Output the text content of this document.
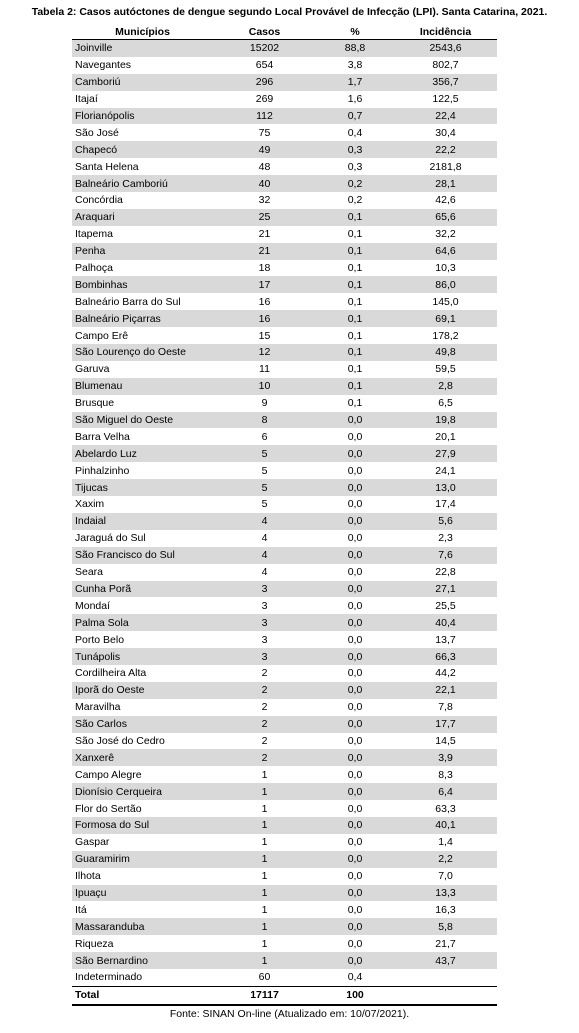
Tabela 2: Casos autóctones de dengue segundo Local Provável de Infecção (LPI). Santa Catarina, 2021.
Municípios	Casos	%	Incidência
Joinville	15202	88,8	2543,6
Navegantes	654	3,8	802,7
Camboriú	296	1,7	356,7
Itajaí	269	1,6	122,5
Florianópolis	112	0,7	22,4
São José	75	0,4	30,4
Chapecó	49	0,3	22,2
Santa Helena	48	0,3	2181,8
Balneário Camboriú	40	0,2	28,1
Concórdia	32	0,2	42,6
Araquari	25	0,1	65,6
Itapema	21	0,1	32,2
Penha	21	0,1	64,6
Palhoça	18	0,1	10,3
Bombinhas	17	0,1	86,0
Balneário Barra do Sul	16	0,1	145,0
Balneário Piçarras	16	0,1	69,1
Campo Erê	15	0,1	178,2
São Lourenço do Oeste	12	0,1	49,8
Garuva	11	0,1	59,5
Blumenau	10	0,1	2,8
Brusque	9	0,1	6,5
São Miguel do Oeste	8	0,0	19,8
Barra Velha	6	0,0	20,1
Abelardo Luz	5	0,0	27,9
Pinhalzinho	5	0,0	24,1
Tijucas	5	0,0	13,0
Xaxim	5	0,0	17,4
Indaial	4	0,0	5,6
Jaraguá do Sul	4	0,0	2,3
São Francisco do Sul	4	0,0	7,6
Seara	4	0,0	22,8
Cunha Porã	3	0,0	27,1
Mondaí	3	0,0	25,5
Palma Sola	3	0,0	40,4
Porto Belo	3	0,0	13,7
Tunápolis	3	0,0	66,3
Cordilheira Alta	2	0,0	44,2
Iporã do Oeste	2	0,0	22,1
Maravilha	2	0,0	7,8
São Carlos	2	0,0	17,7
São José do Cedro	2	0,0	14,5
Xanxerê	2	0,0	3,9
Campo Alegre	1	0,0	8,3
Dionísio Cerqueira	1	0,0	6,4
Flor do Sertão	1	0,0	63,3
Formosa do Sul	1	0,0	40,1
Gaspar	1	0,0	1,4
Guaramirim	1	0,0	2,2
Ilhota	1	0,0	7,0
Ipuaçu	1	0,0	13,3
Itá	1	0,0	16,3
Massaranduba	1	0,0	5,8
Riqueza	1	0,0	21,7
São Bernardino	1	0,0	43,7
Indeterminado	60	0,4	
Total	17117	100	
Fonte: SINAN On-line (Atualizado em: 10/07/2021).
